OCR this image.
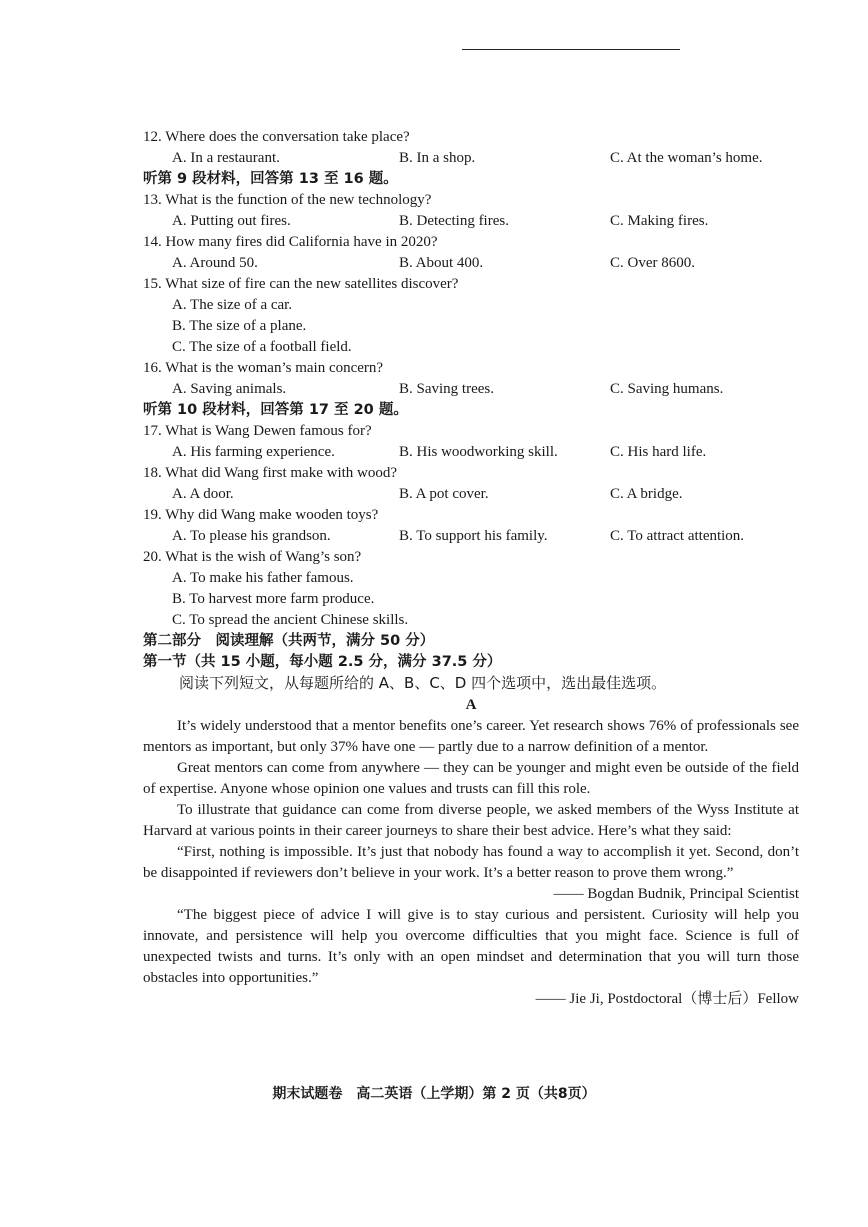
12. Where does the conversation take place?

A. In a restaurant.	B. In a shop.	C. At the woman’s home.

听第 9 段材料，回答第 13 至 16 题。

13. What is the function of the new technology?

A. Putting out fires.	B. Detecting fires.	C. Making fires.

14. How many fires did California have in 2020?

A. Around 50.	B. About 400.	C. Over 8600.

15. What size of fire can the new satellites discover?

A. The size of a car.

B. The size of a plane.

C. The size of a football field.

16. What is the woman’s main concern?

A. Saving animals.	B. Saving trees.	C. Saving humans.

听第 10 段材料，回答第 17 至 20 题。

17. What is Wang Dewen famous for?

A. His farming experience.	B. His woodworking skill.	C. His hard life.

18. What did Wang first make with wood?

A. A door.	B. A pot cover.	C. A bridge.

19. Why did Wang make wooden toys?

A. To please his grandson.	B. To support his family.	C. To attract attention.

20. What is the wish of Wang’s son?

A. To make his father famous.

B. To harvest more farm produce.

C. To spread the ancient Chinese skills.

第二部分　阅读理解（共两节，满分 50 分）

第一节（共 15 小题，每小题 2.5 分，满分 37.5 分）

阅读下列短文，从每题所给的 A、B、C、D 四个选项中，选出最佳选项。

A

It’s widely understood that a mentor benefits one’s career. Yet research shows 76% of professionals see mentors as important, but only 37% have one — partly due to a narrow definition of a mentor.

Great mentors can come from anywhere — they can be younger and might even be outside of the field of expertise. Anyone whose opinion one values and trusts can fill this role.

To illustrate that guidance can come from diverse people, we asked members of the Wyss Institute at Harvard at various points in their career journeys to share their best advice. Here’s what they said:

“First, nothing is impossible. It’s just that nobody has found a way to accomplish it yet. Second, don’t be disappointed if reviewers don’t believe in your work. It’s a better reason to prove them wrong.”

—— Bogdan Budnik, Principal Scientist

“The biggest piece of advice I will give is to stay curious and persistent. Curiosity will help you innovate, and persistence will help you overcome difficulties that you might face. Science is full of unexpected twists and turns. It’s only with an open mindset and determination that you will turn those obstacles into opportunities.”

—— Jie Ji, Postdoctoral（博士后）Fellow

期末试题卷　高二英语（上学期）第 2 页（共8页）
